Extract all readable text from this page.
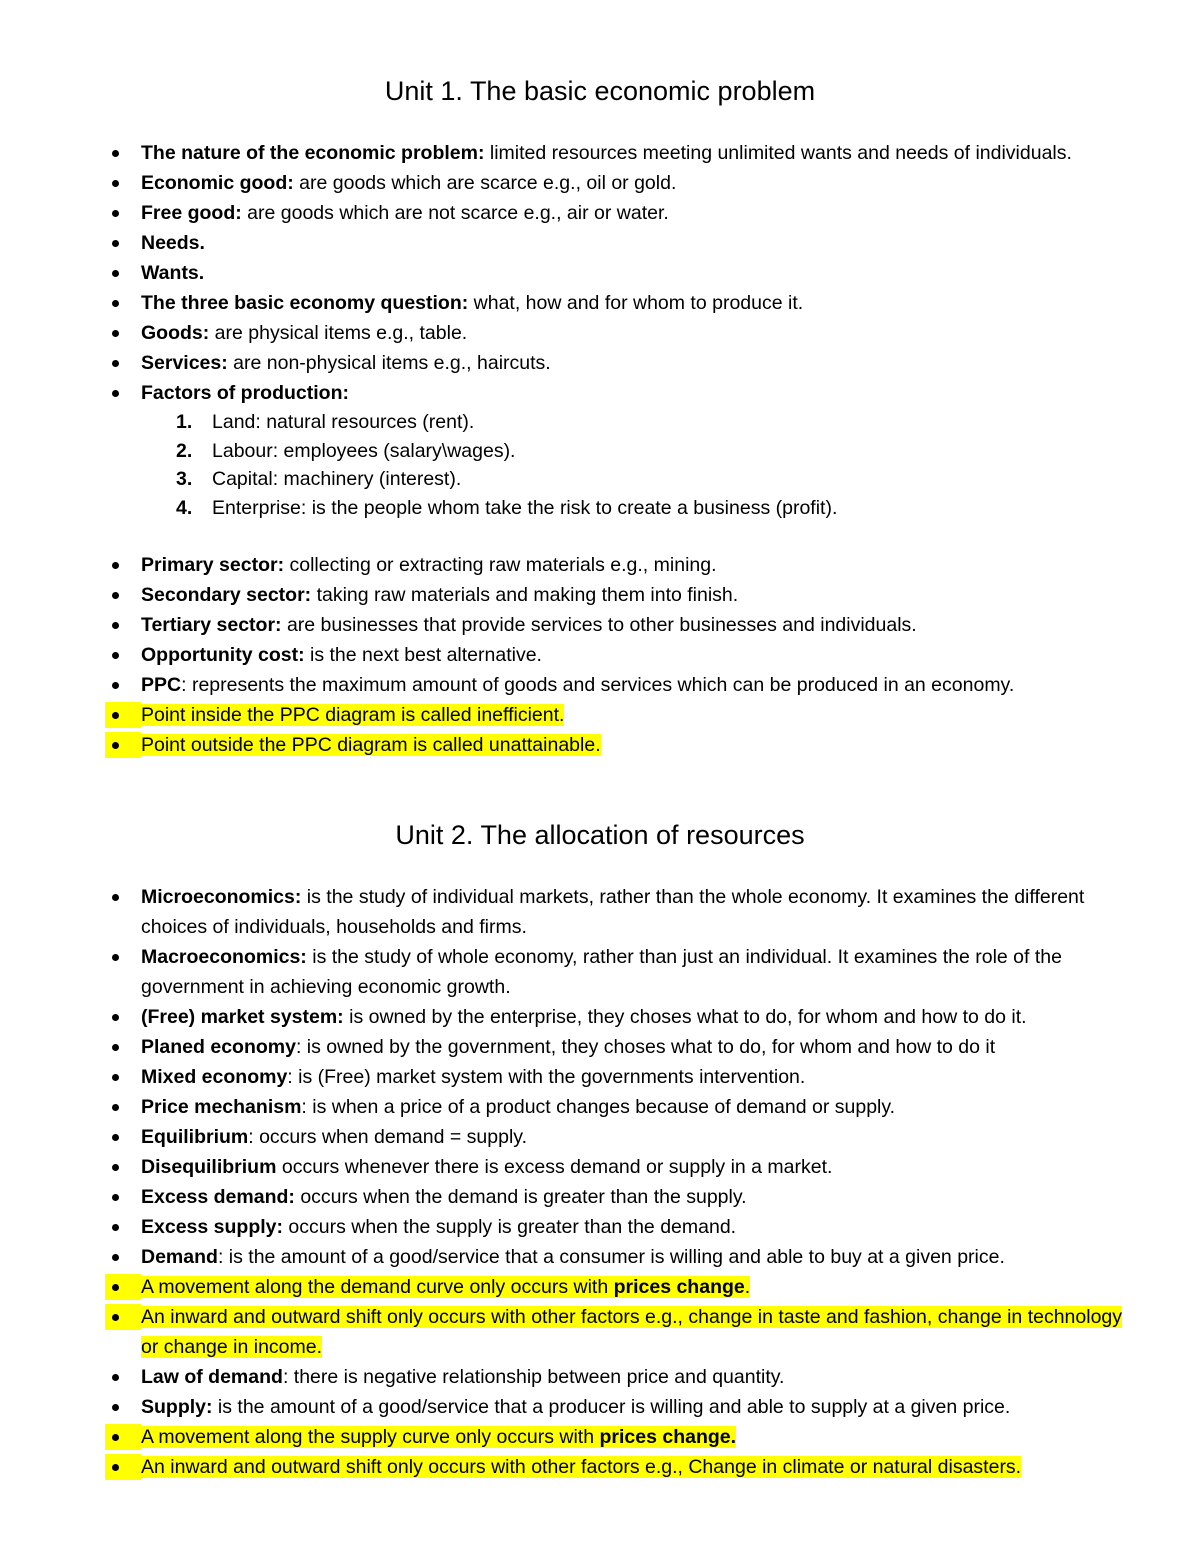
Unit 1. The basic economic problem
The nature of the economic problem: limited resources meeting unlimited wants and needs of individuals.
Economic good: are goods which are scarce e.g., oil or gold.
Free good: are goods which are not scarce e.g., air or water.
Needs.
Wants.
The three basic economy question: what, how and for whom to produce it.
Goods: are physical items e.g., table.
Services: are non-physical items e.g., haircuts.
Factors of production:
1. Land: natural resources (rent).
2. Labour: employees (salary\wages).
3. Capital: machinery (interest).
4. Enterprise: is the people whom take the risk to create a business (profit).
Primary sector: collecting or extracting raw materials e.g., mining.
Secondary sector: taking raw materials and making them into finish.
Tertiary sector: are businesses that provide services to other businesses and individuals.
Opportunity cost: is the next best alternative.
PPC: represents the maximum amount of goods and services which can be produced in an economy.
Point inside the PPC diagram is called inefficient.
Point outside the PPC diagram is called unattainable.
Unit 2. The allocation of resources
Microeconomics: is the study of individual markets, rather than the whole economy. It examines the different choices of individuals, households and firms.
Macroeconomics: is the study of whole economy, rather than just an individual. It examines the role of the government in achieving economic growth.
(Free) market system: is owned by the enterprise, they choses what to do, for whom and how to do it.
Planed economy: is owned by the government, they choses what to do, for whom and how to do it
Mixed economy: is (Free) market system with the governments intervention.
Price mechanism: is when a price of a product changes because of demand or supply.
Equilibrium: occurs when demand = supply.
Disequilibrium occurs whenever there is excess demand or supply in a market.
Excess demand: occurs when the demand is greater than the supply.
Excess supply: occurs when the supply is greater than the demand.
Demand: is the amount of a good/service that a consumer is willing and able to buy at a given price.
A movement along the demand curve only occurs with prices change.
An inward and outward shift only occurs with other factors e.g., change in taste and fashion, change in technology or change in income.
Law of demand: there is negative relationship between price and quantity.
Supply: is the amount of a good/service that a producer is willing and able to supply at a given price.
A movement along the supply curve only occurs with prices change.
An inward and outward shift only occurs with other factors e.g., Change in climate or natural disasters.
